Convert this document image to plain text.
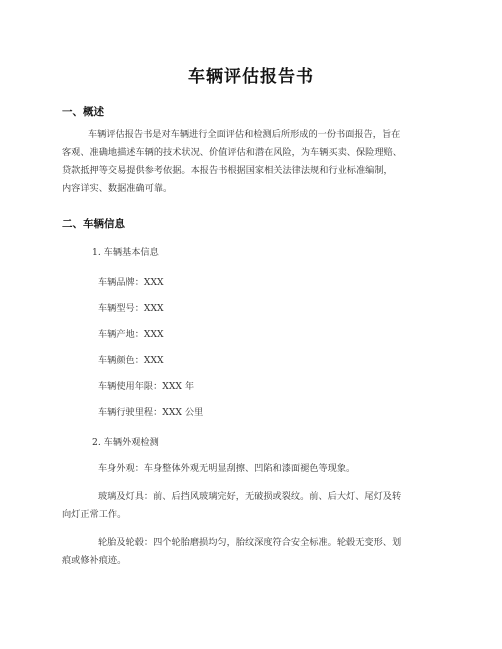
车辆评估报告书
一、概述
车辆评估报告书是对车辆进行全面评估和检测后所形成的一份书面报告，旨在
客观、准确地描述车辆的技术状况、价值评估和潜在风险，为车辆买卖、保险理赔、
贷款抵押等交易提供参考依据。本报告书根据国家相关法律法规和行业标准编制，
内容详实、数据准确可靠。
二、车辆信息
1. 车辆基本信息
车辆品牌：XXX
车辆型号：XXX
车辆产地：XXX
车辆颜色：XXX
车辆使用年限：XXX 年
车辆行驶里程：XXX 公里
2. 车辆外观检测
车身外观：车身整体外观无明显刮擦、凹陷和漆面褪色等现象。
玻璃及灯具：前、后挡风玻璃完好，无破损或裂纹。前、后大灯、尾灯及转
向灯正常工作。
轮胎及轮毂：四个轮胎磨损均匀，胎纹深度符合安全标准。轮毂无变形、划
痕或修补痕迹。
